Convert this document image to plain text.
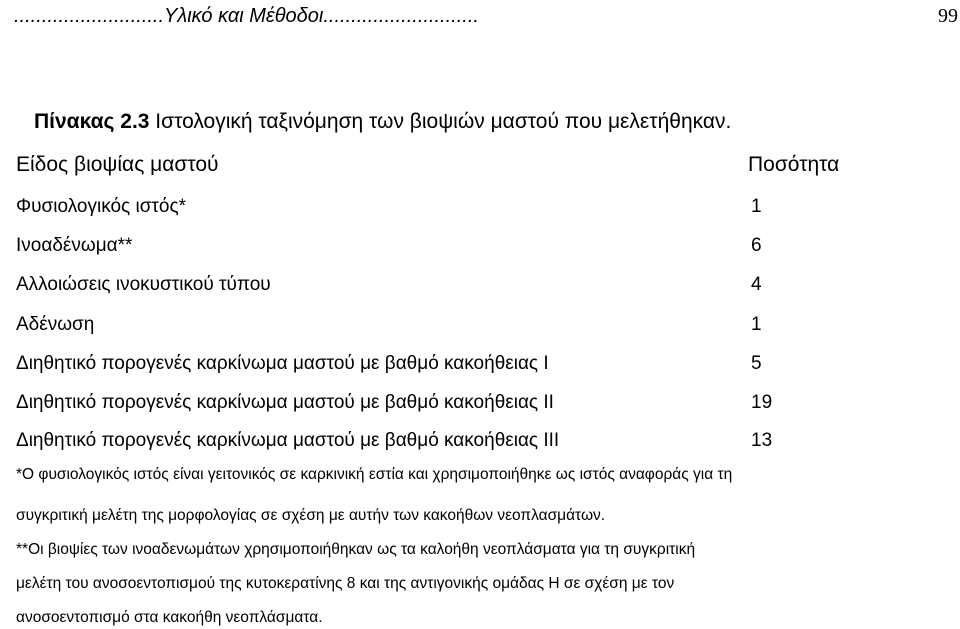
...........................Υλικό και Μέθοδοι............................	99
Πίνακας 2.3 Ιστολογική ταξινόμηση των βιοψιών μαστού που μελετήθηκαν.
Είδος βιοψίας μαστού	Ποσότητα
Φυσιολογικός ιστός*	1
Ινοαδένωμα**	6
Αλλοιώσεις ινοκυστικού τύπου	4
Αδένωση	1
Διηθητικό πορογενές καρκίνωμα μαστού με βαθμό κακοήθειας I	5
Διηθητικό πορογενές καρκίνωμα μαστού με βαθμό κακοήθειας II	19
Διηθητικό πορογενές καρκίνωμα μαστού με βαθμό κακοήθειας III	13
*Ο φυσιολογικός ιστός είναι γειτονικός σε καρκινική εστία και χρησιμοποιήθηκε ως ιστός αναφοράς για τη
συγκριτική μελέτη της μορφολογίας σε σχέση με αυτήν των κακοήθων νεοπλασμάτων.
**Οι βιοψίες των ινοαδενωμάτων χρησιμοποιήθηκαν ως τα καλοήθη νεοπλάσματα για τη συγκριτική
μελέτη του ανοσοεντοπισμού της κυτοκερατίνης 8 και της αντιγονικής ομάδας Η σε σχέση με τον
ανοσοεντοπισμό στα κακοήθη νεοπλάσματα.
